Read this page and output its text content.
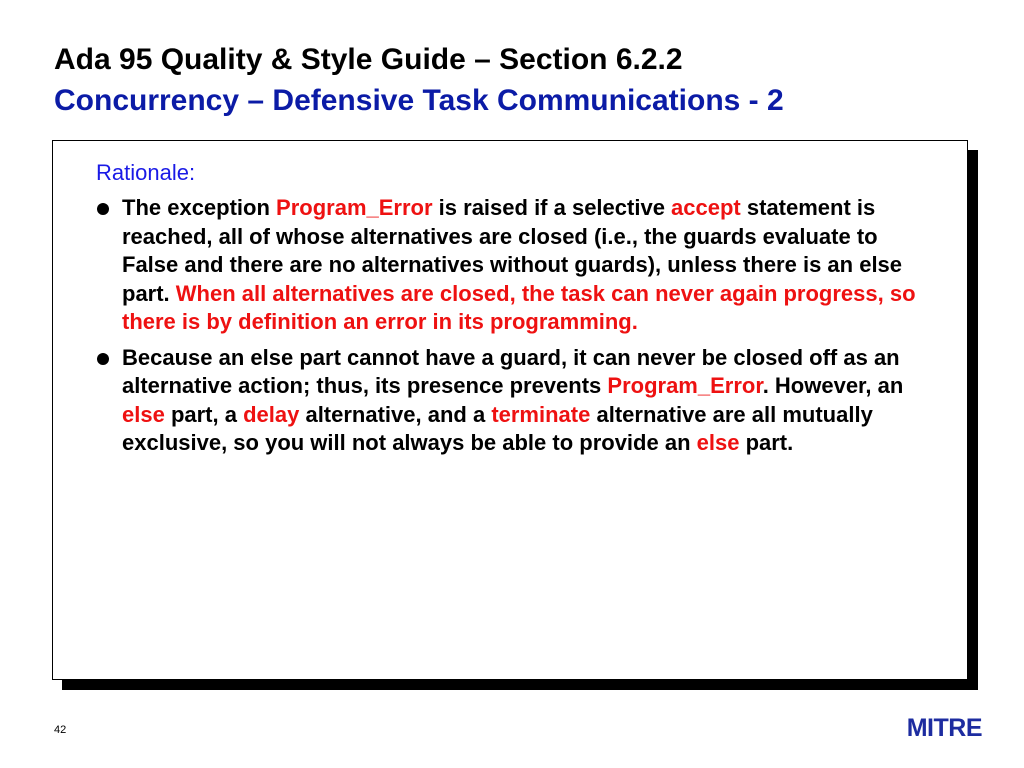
Ada 95 Quality & Style Guide – Section 6.2.2
Concurrency – Defensive Task Communications - 2
Rationale:
The exception Program_Error is raised if a selective accept statement is reached, all of whose alternatives are closed (i.e., the guards evaluate to False and there are no alternatives without guards), unless there is an else part. When all alternatives are closed, the task can never again progress, so there is by definition an error in its programming.
Because an else part cannot have a guard, it can never be closed off as an alternative action; thus, its presence prevents Program_Error. However, an else part, a delay alternative, and a terminate alternative are all mutually exclusive, so you will not always be able to provide an else part.
42	MITRE
